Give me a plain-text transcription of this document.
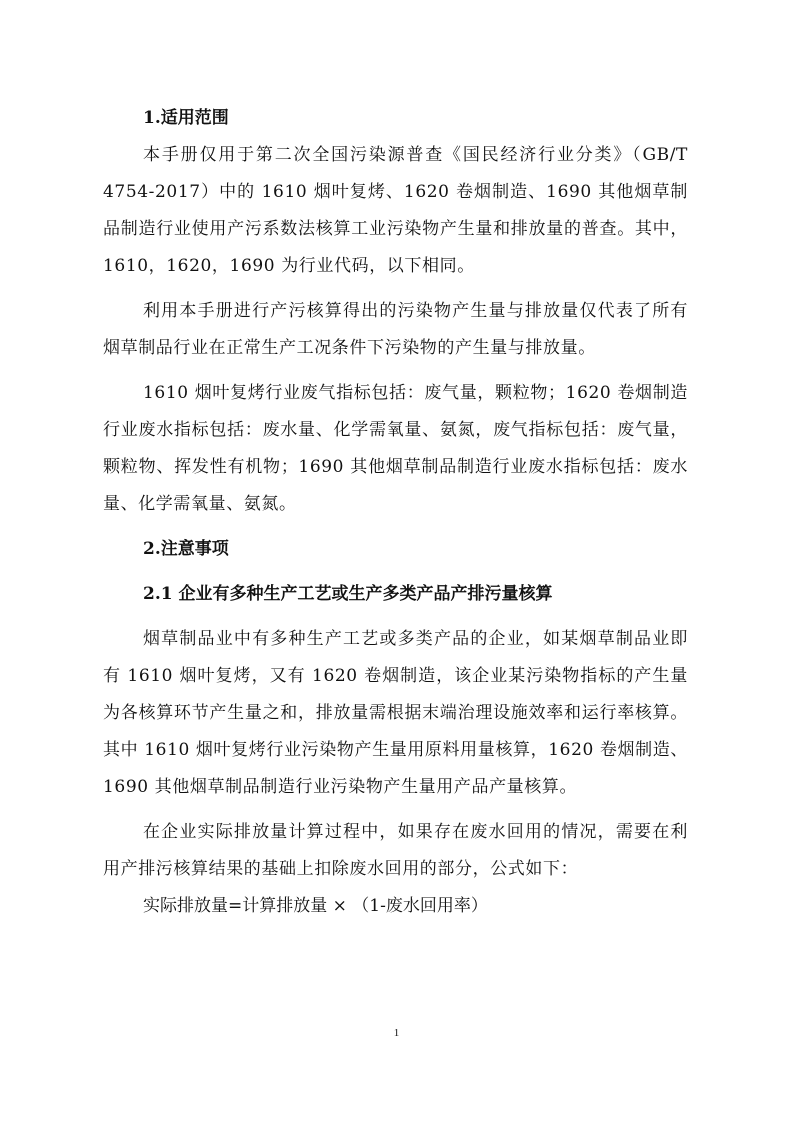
1.适用范围

本手册仅用于第二次全国污染源普查《国民经济行业分类》（GB/T 4754-2017）中的 1610 烟叶复烤、1620 卷烟制造、1690 其他烟草制品制造行业使用产污系数法核算工业污染物产生量和排放量的普查。其中，1610，1620，1690 为行业代码，以下相同。

利用本手册进行产污核算得出的污染物产生量与排放量仅代表了所有烟草制品行业在正常生产工况条件下污染物的产生量与排放量。

1610 烟叶复烤行业废气指标包括：废气量，颗粒物；1620 卷烟制造行业废水指标包括：废水量、化学需氧量、氨氮，废气指标包括：废气量，颗粒物、挥发性有机物；1690 其他烟草制品制造行业废水指标包括：废水量、化学需氧量、氨氮。

2.注意事项

2.1 企业有多种生产工艺或生产多类产品产排污量核算

烟草制品业中有多种生产工艺或多类产品的企业，如某烟草制品业即有 1610 烟叶复烤，又有 1620 卷烟制造，该企业某污染物指标的产生量为各核算环节产生量之和，排放量需根据末端治理设施效率和运行率核算。其中 1610 烟叶复烤行业污染物产生量用原料用量核算，1620 卷烟制造、1690 其他烟草制品制造行业污染物产生量用产品产量核算。

在企业实际排放量计算过程中，如果存在废水回用的情况，需要在利用产排污核算结果的基础上扣除废水回用的部分，公式如下：

实际排放量=计算排放量 × （1-废水回用率）

1
